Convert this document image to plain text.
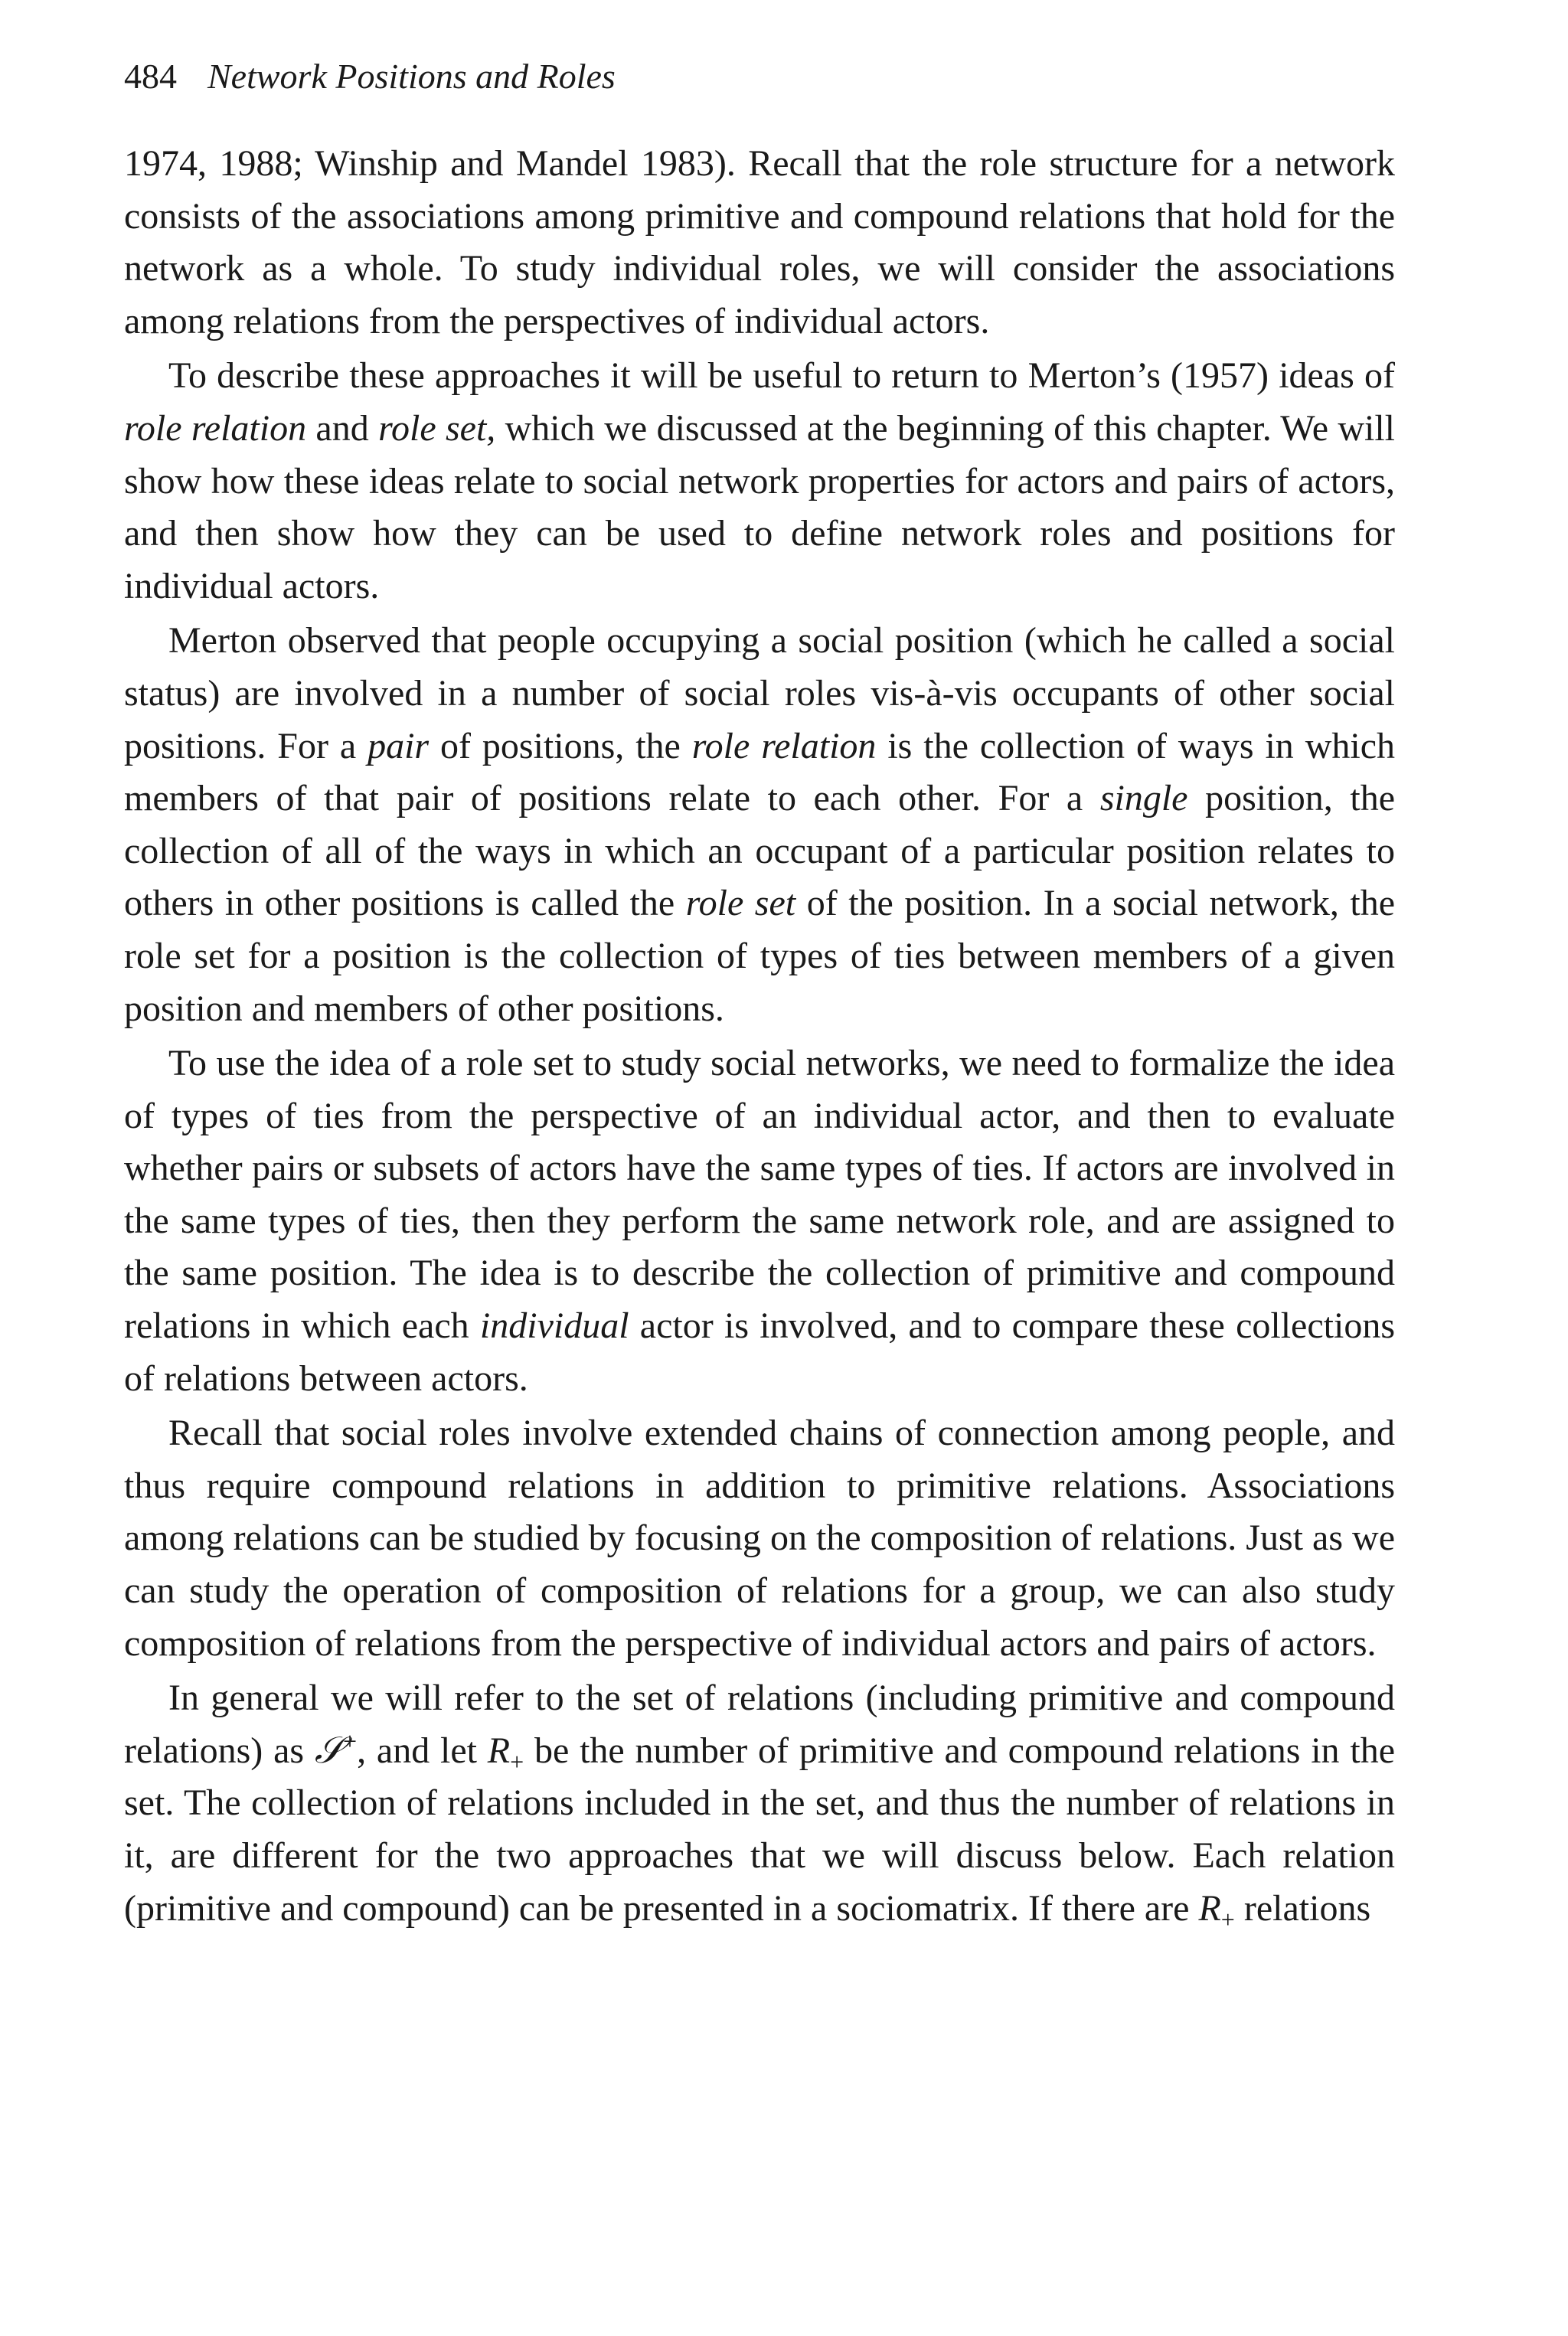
484 Network Positions and Roles

1974, 1988; Winship and Mandel 1983). Recall that the role structure for a network consists of the associations among primitive and compound relations that hold for the network as a whole. To study individual roles, we will consider the associations among relations from the perspectives of individual actors.

To describe these approaches it will be useful to return to Merton’s (1957) ideas of role relation and role set, which we discussed at the beginning of this chapter. We will show how these ideas relate to social network properties for actors and pairs of actors, and then show how they can be used to define network roles and positions for individual actors.

Merton observed that people occupying a social position (which he called a social status) are involved in a number of social roles vis-à-vis occupants of other social positions. For a pair of positions, the role relation is the collection of ways in which members of that pair of positions relate to each other. For a single position, the collection of all of the ways in which an occupant of a particular position relates to others in other positions is called the role set of the position. In a social network, the role set for a position is the collection of types of ties between members of a given position and members of other positions.

To use the idea of a role set to study social networks, we need to formalize the idea of types of ties from the perspective of an individual actor, and then to evaluate whether pairs or subsets of actors have the same types of ties. If actors are involved in the same types of ties, then they perform the same network role, and are assigned to the same position. The idea is to describe the collection of primitive and compound relations in which each individual actor is involved, and to compare these collections of relations between actors.

Recall that social roles involve extended chains of connection among people, and thus require compound relations in addition to primitive relations. Associations among relations can be studied by focusing on the composition of relations. Just as we can study the operation of composition of relations for a group, we can also study composition of relations from the perspective of individual actors and pairs of actors.

In general we will refer to the set of relations (including primitive and compound relations) as 𝒮+, and let $R_+$ be the number of primitive and compound relations in the set. The collection of relations included in the set, and thus the number of relations in it, are different for the two approaches that we will discuss below. Each relation (primitive and compound) can be presented in a sociomatrix. If there are $R_+$ relations
